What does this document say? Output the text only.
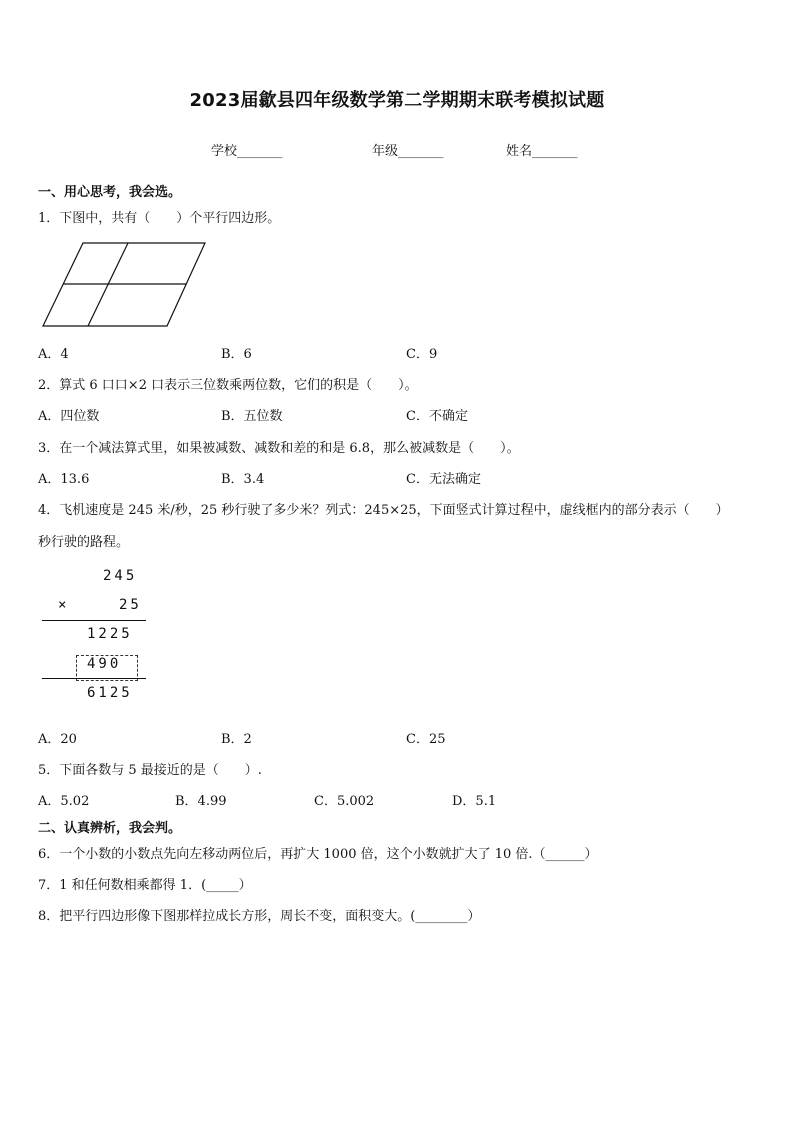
2023届歙县四年级数学第二学期期末联考模拟试题
学校_______	年级_______	姓名_______
一、用心思考，我会选。
1．下图中，共有（　　）个平行四边形。
A．4	B．6	C．9
2．算式 6 口口×2 口表示三位数乘两位数，它们的积是（　　）。
A．四位数	B．五位数	C．不确定
3．在一个减法算式里，如果被减数、减数和差的和是 6.8，那么被减数是（　　）。
A．13.6	B．3.4	C．无法确定
4．飞机速度是 245 米/秒，25 秒行驶了多少米？列式：245×25，下面竖式计算过程中，虚线框内的部分表示（　　）
秒行驶的路程。
245
×	25
1225
490
6125
A．20	B．2	C．25
5．下面各数与 5 最接近的是（　　）.
A．5.02	B．4.99	C．5.002	D．5.1
二、认真辨析，我会判。
6．一个小数的小数点先向左移动两位后，再扩大 1000 倍，这个小数就扩大了 10 倍.（______）
7．1 和任何数相乘都得 1．(_____）
8．把平行四边形像下图那样拉成长方形，周长不变，面积变大。(________）
